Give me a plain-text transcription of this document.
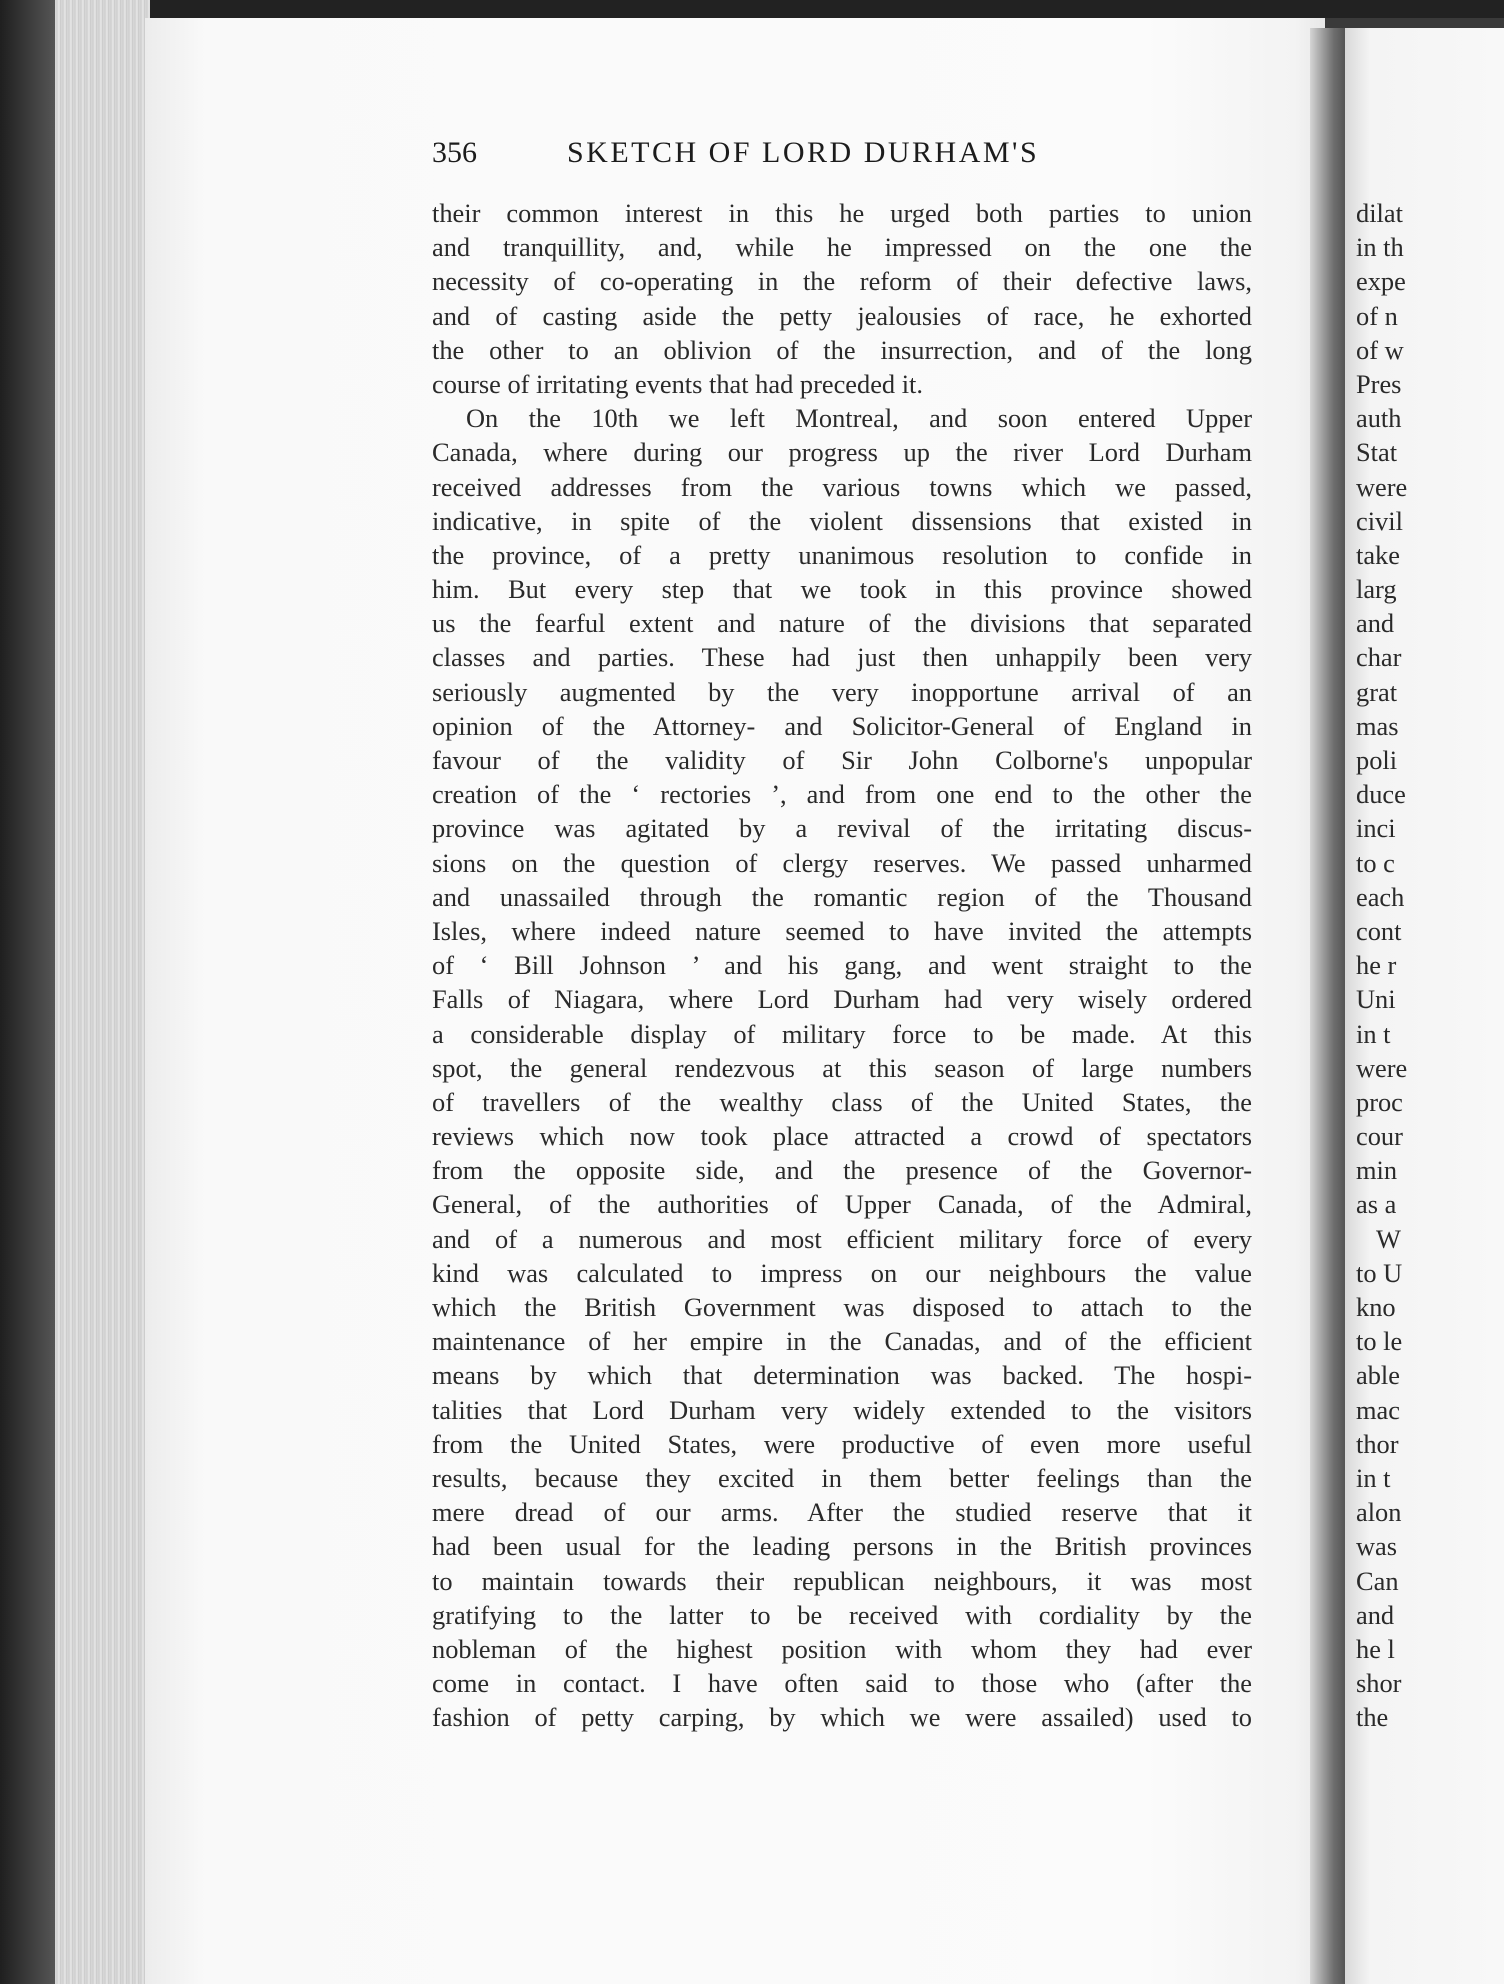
356	SKETCH OF LORD DURHAM'S
their common interest in this he urged both parties to union
and tranquillity, and, while he impressed on the one the
necessity of co-operating in the reform of their defective laws,
and of casting aside the petty jealousies of race, he exhorted
the other to an oblivion of the insurrection, and of the long
course of irritating events that had preceded it.
On the 10th we left Montreal, and soon entered Upper
Canada, where during our progress up the river Lord Durham
received addresses from the various towns which we passed,
indicative, in spite of the violent dissensions that existed in
the province, of a pretty unanimous resolution to confide in
him. But every step that we took in this province showed
us the fearful extent and nature of the divisions that separated
classes and parties. These had just then unhappily been very
seriously augmented by the very inopportune arrival of an
opinion of the Attorney- and Solicitor-General of England in
favour of the validity of Sir John Colborne's unpopular
creation of the ‘ rectories ’, and from one end to the other the
province was agitated by a revival of the irritating discus-
sions on the question of clergy reserves. We passed unharmed
and unassailed through the romantic region of the Thousand
Isles, where indeed nature seemed to have invited the attempts
of ‘ Bill Johnson ’ and his gang, and went straight to the
Falls of Niagara, where Lord Durham had very wisely ordered
a considerable display of military force to be made. At this
spot, the general rendezvous at this season of large numbers
of travellers of the wealthy class of the United States, the
reviews which now took place attracted a crowd of spectators
from the opposite side, and the presence of the Governor-
General, of the authorities of Upper Canada, of the Admiral,
and of a numerous and most efficient military force of every
kind was calculated to impress on our neighbours the value
which the British Government was disposed to attach to the
maintenance of her empire in the Canadas, and of the efficient
means by which that determination was backed. The hospi-
talities that Lord Durham very widely extended to the visitors
from the United States, were productive of even more useful
results, because they excited in them better feelings than the
mere dread of our arms. After the studied reserve that it
had been usual for the leading persons in the British provinces
to maintain towards their republican neighbours, it was most
gratifying to the latter to be received with cordiality by the
nobleman of the highest position with whom they had ever
come in contact. I have often said to those who (after the
fashion of petty carping, by which we were assailed) used to
dilat
in th
expe
of n
of w
Pres
auth
Stat
were
civil
take
larg
and
char
grat
mas
poli
duce
inci
to c
each
cont
he r
Uni
in t
were
proc
cour
min
as a
W
to U
kno
to le
able
mac
thor
in t
alon
was
Can
and
he l
shor
the
